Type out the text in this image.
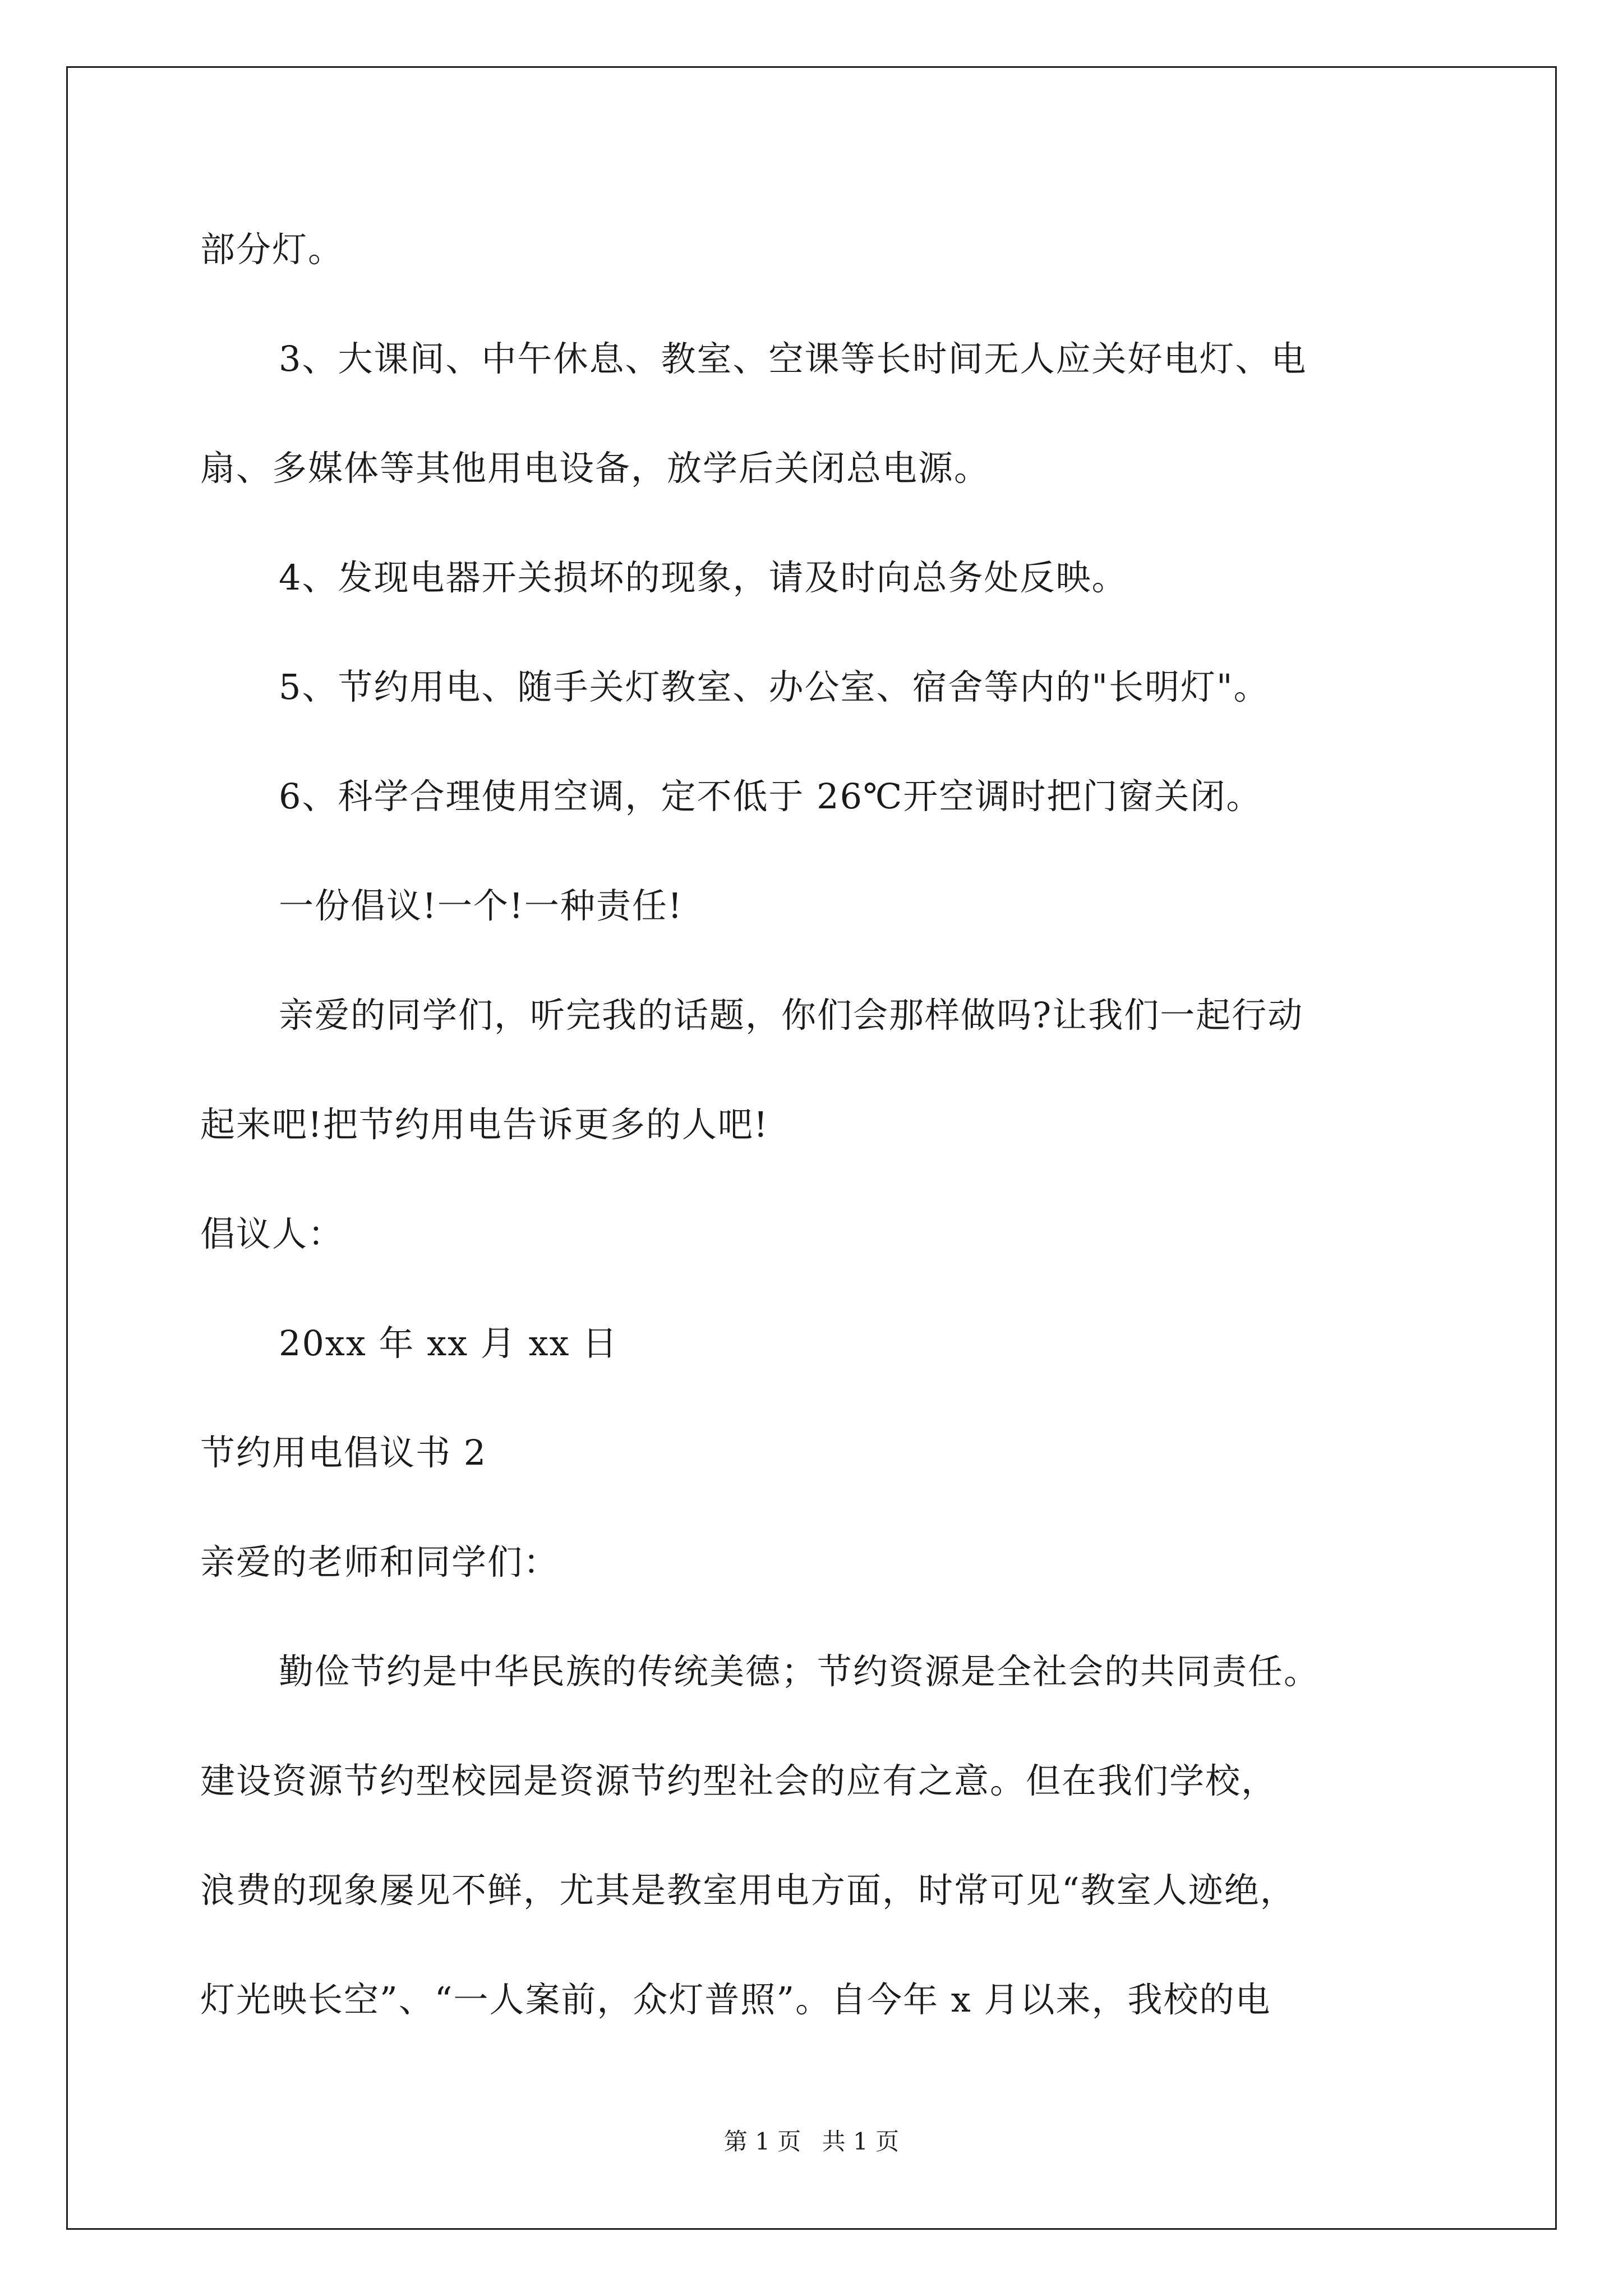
部分灯。
3、大课间、中午休息、教室、空课等长时间无人应关好电灯、电
扇、多媒体等其他用电设备，放学后关闭总电源。
4、发现电器开关损坏的现象，请及时向总务处反映。
5、节约用电、随手关灯教室、办公室、宿舍等内的"长明灯"。
6、科学合理使用空调，定不低于 26℃开空调时把门窗关闭。
一份倡议!一个!一种责任!
亲爱的同学们，听完我的话题，你们会那样做吗?让我们一起行动
起来吧!把节约用电告诉更多的人吧!
倡议人：
20xx 年 xx 月 xx 日
节约用电倡议书 2
亲爱的老师和同学们：
勤俭节约是中华民族的传统美德；节约资源是全社会的共同责任。
建设资源节约型校园是资源节约型社会的应有之意。但在我们学校，
浪费的现象屡见不鲜，尤其是教室用电方面，时常可见“教室人迹绝，
灯光映长空”、“一人案前，众灯普照”。自今年 x 月以来，我校的电
第 1 页 共 1 页
